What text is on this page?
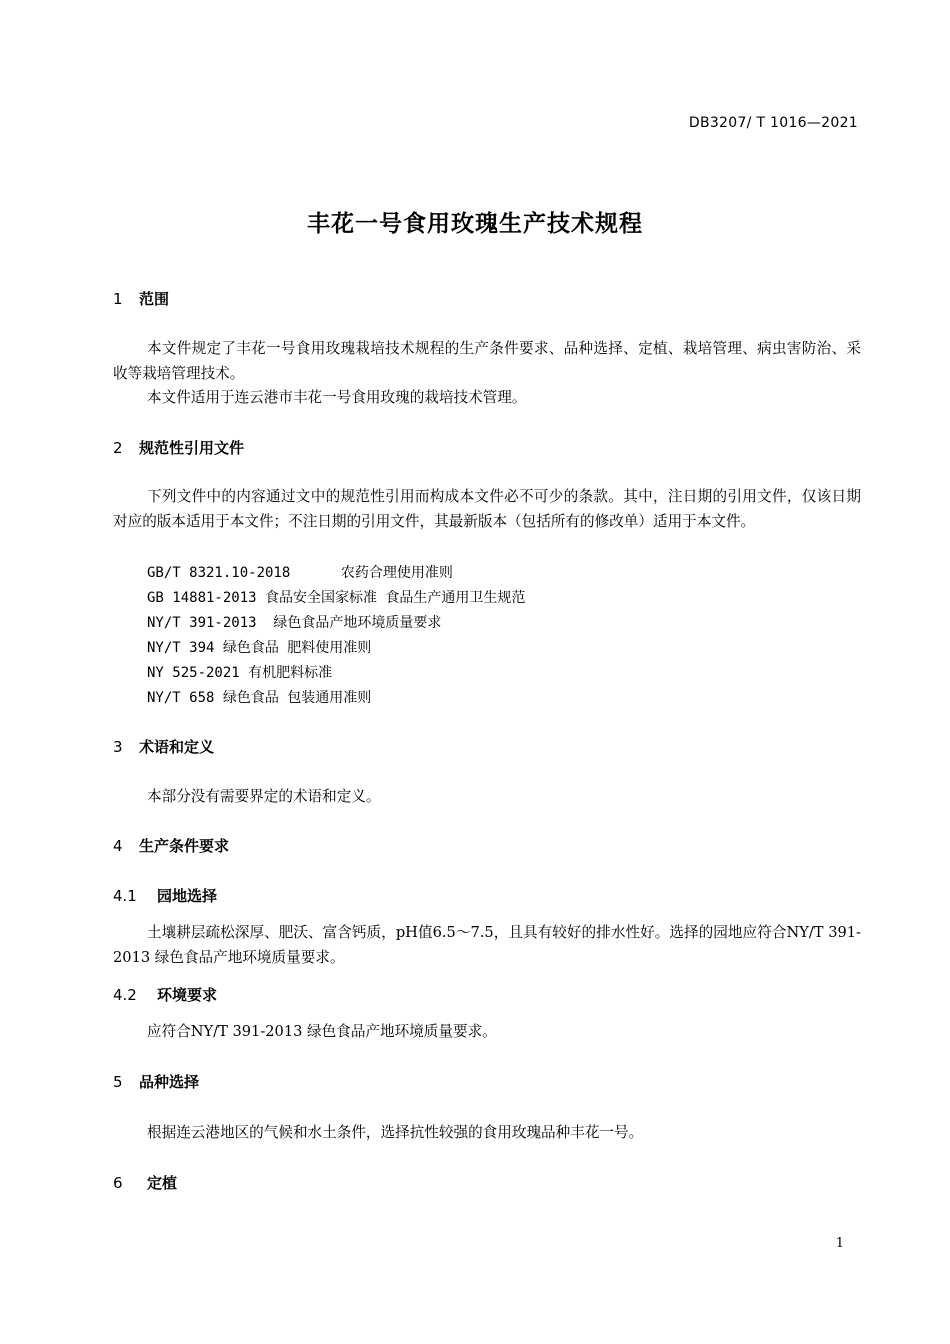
DB3207/ T 1016—2021
丰花一号食用玫瑰生产技术规程
1 范围
本文件规定了丰花一号食用玫瑰栽培技术规程的生产条件要求、品种选择、定植、栽培管理、病虫害防治、采收等栽培管理技术。
本文件适用于连云港市丰花一号食用玫瑰的栽培技术管理。
2 规范性引用文件
下列文件中的内容通过文中的规范性引用而构成本文件必不可少的条款。其中，注日期的引用文件，仅该日期对应的版本适用于本文件；不注日期的引用文件，其最新版本（包括所有的修改单）适用于本文件。
GB/T 8321.10-2018      农药合理使用准则
GB 14881-2013 食品安全国家标准 食品生产通用卫生规范
NY/T 391-2013  绿色食品产地环境质量要求
NY/T 394 绿色食品 肥料使用准则
NY 525-2021 有机肥料标准
NY/T 658 绿色食品 包装通用准则
3 术语和定义
本部分没有需要界定的术语和定义。
4 生产条件要求
4.1 园地选择
土壤耕层疏松深厚、肥沃、富含钙质，pH值6.5～7.5，且具有较好的排水性好。选择的园地应符合NY/T 391-2013 绿色食品产地环境质量要求。
4.2 环境要求
应符合NY/T 391-2013 绿色食品产地环境质量要求。
5 品种选择
根据连云港地区的气候和水土条件，选择抗性较强的食用玫瑰品种丰花一号。
6 定植
1
